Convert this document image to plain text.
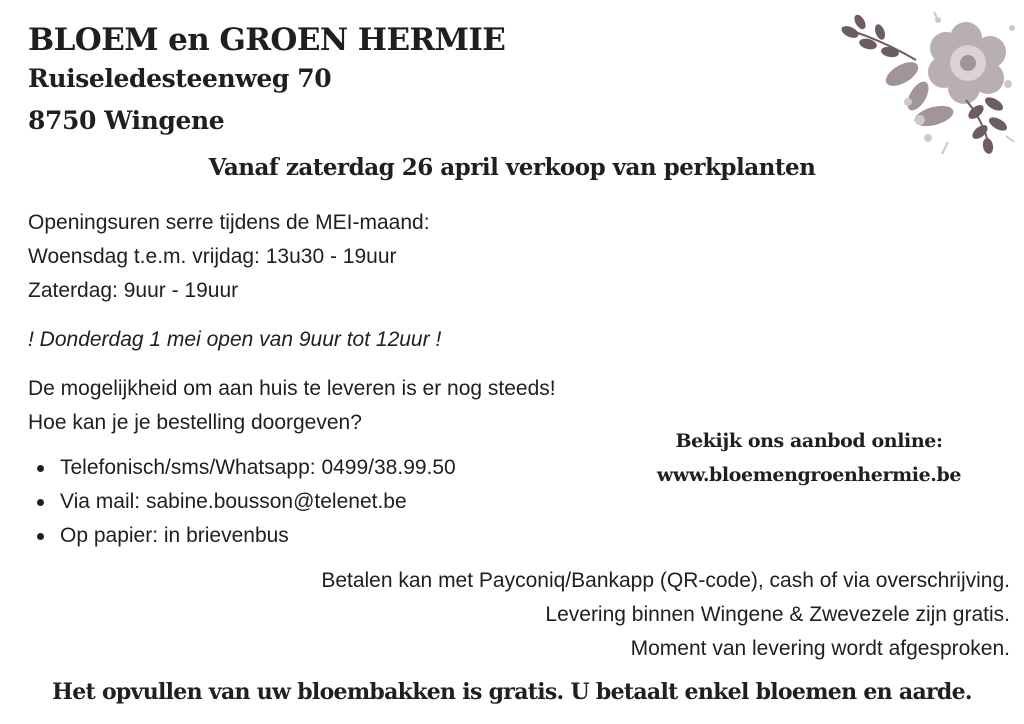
BLOEM en GROEN HERMIE
Ruiseledesteenweg 70
8750 Wingene
Vanaf zaterdag 26 april verkoop van perkplanten
Openingsuren serre tijdens de MEI-maand:
Woensdag t.e.m. vrijdag: 13u30 - 19uur
Zaterdag: 9uur - 19uur
! Donderdag 1 mei open van 9uur tot 12uur !
De mogelijkheid om aan huis te leveren is er nog steeds!
Hoe kan je je bestelling doorgeven?
Telefonisch/sms/Whatsapp: 0499/38.99.50
Via mail: sabine.bousson@telenet.be
Op papier: in brievenbus
Bekijk ons aanbod online:
www.bloemengroenhermie.be
Betalen kan met Payconiq/Bankapp (QR-code), cash of via overschrijving.
Levering binnen Wingene & Zwevezele zijn gratis.
Moment van levering wordt afgesproken.
Het opvullen van uw bloembakken is gratis. U betaalt enkel bloemen en aarde.
